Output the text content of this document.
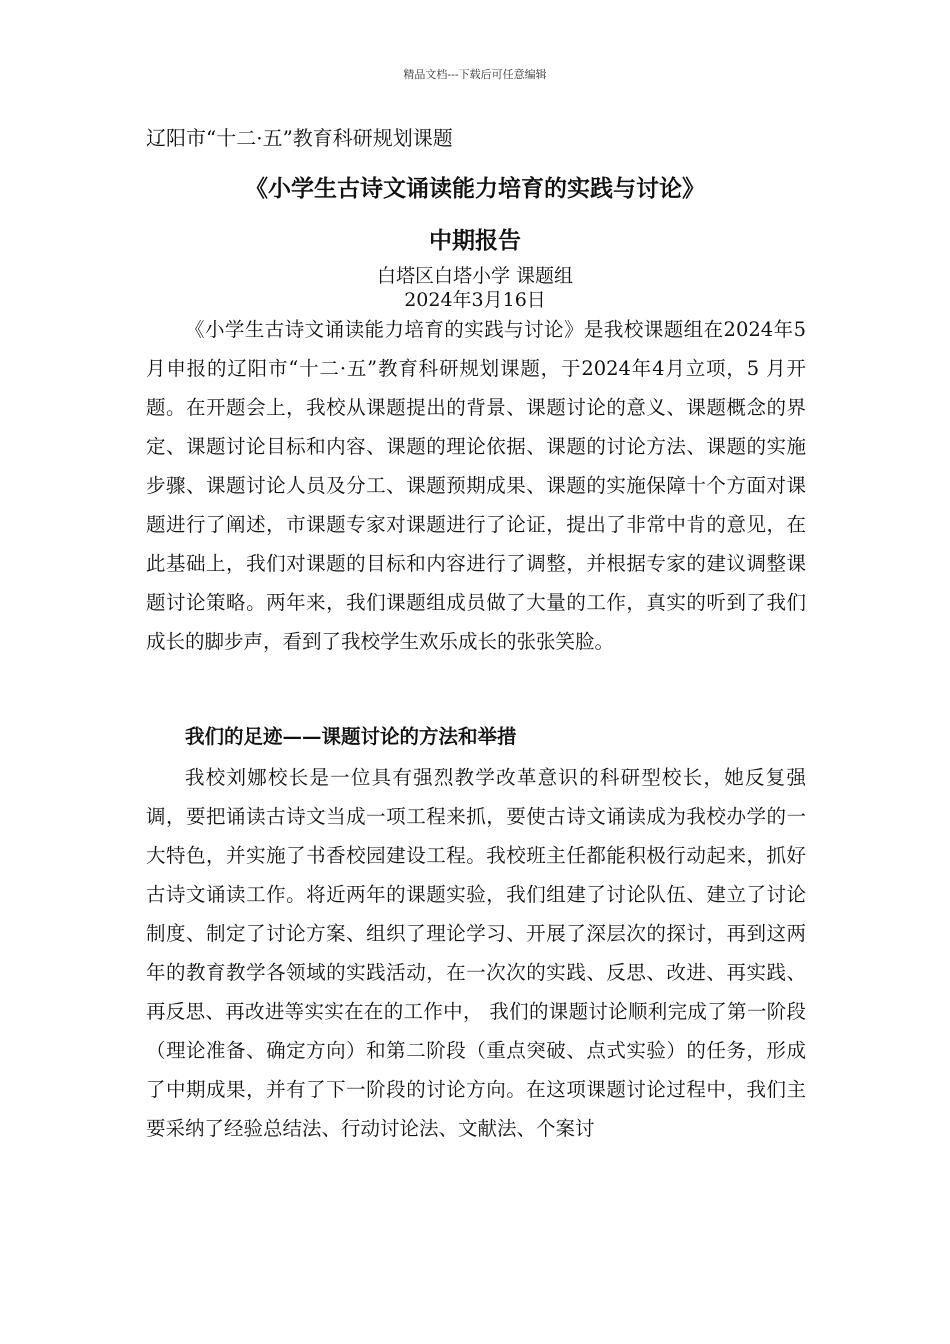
精品文档---下载后可任意编辑
辽阳市“十二·五”教育科研规划课题
《小学生古诗文诵读能力培育的实践与讨论》
中期报告
白塔区白塔小学 课题组
2024年3月16日
《小学生古诗文诵读能力培育的实践与讨论》是我校课题组在2024年5 月申报的辽阳市“十二·五”教育科研规划课题，于2024年4月立项，5 月开题。在开题会上，我校从课题提出的背景、课题讨论的意义、课题概念的界定、课题讨论目标和内容、课题的理论依据、课题的讨论方法、课题的实施步骤、课题讨论人员及分工、课题预期成果、课题的实施保障十个方面对课题进行了阐述，市课题专家对课题进行了论证，提出了非常中肯的意见，在此基础上，我们对课题的目标和内容进行了调整，并根据专家的建议调整课题讨论策略。两年来，我们课题组成员做了大量的工作，真实的听到了我们成长的脚步声，看到了我校学生欢乐成长的张张笑脸。
我们的足迹——课题讨论的方法和举措
我校刘娜校长是一位具有强烈教学改革意识的科研型校长，她反复强调，要把诵读古诗文当成一项工程来抓，要使古诗文诵读成为我校办学的一大特色，并实施了书香校园建设工程。我校班主任都能积极行动起来，抓好古诗文诵读工作。将近两年的课题实验，我们组建了讨论队伍、建立了讨论制度、制定了讨论方案、组织了理论学习、开展了深层次的探讨，再到这两年的教育教学各领域的实践活动，在一次次的实践、反思、改进、再实践、再反思、再改进等实实在在的工作中， 我们的课题讨论顺利完成了第一阶段（理论准备、确定方向）和第二阶段（重点突破、点式实验）的任务，形成了中期成果，并有了下一阶段的讨论方向。在这项课题讨论过程中，我们主要采纳了经验总结法、行动讨论法、文献法、个案讨
